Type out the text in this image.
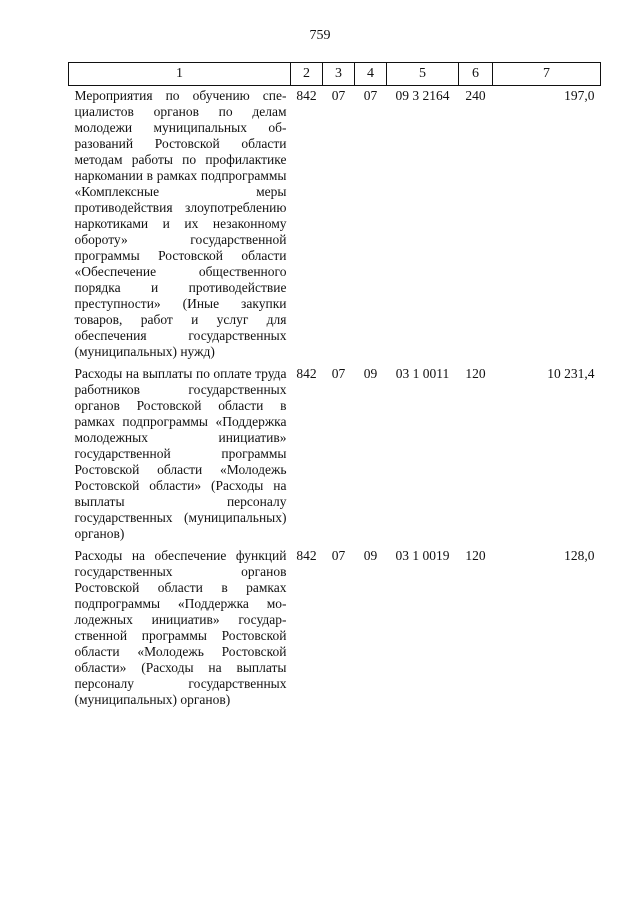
759
1	2	3	4	5	6	7
Мероприятия по обучению специалистов органов по делам молодежи муниципальных образований Ростовской области методам работы по профилактике наркомании в рамках подпрограммы «Комплексные меры противодействия злоупотреблению наркотиками и их незаконному обороту» государственной программы Ростовской области «Обеспечение общественного порядка и противодействие преступности» (Иные закупки товаров, работ и услуг для обеспечения государственных (муниципальных) нужд)	842	07	07	09 3 2164	240	197,0
Расходы на выплаты по оплате труда работников государственных органов Ростовской области в рамках подпрограммы «Поддержка молодежных инициатив» государственной программы Ростовской области «Молодежь Ростовской области» (Расходы на выплаты персоналу государственных (муниципальных) органов)	842	07	09	03 1 0011	120	10 231,4
Расходы на обеспечение функций государственных органов Ростовской области в рамках подпрограммы «Поддержка молодежных инициатив» государственной программы Ростовской области «Молодежь Ростовской области» (Расходы на выплаты персоналу государственных (муниципальных) органов)	842	07	09	03 1 0019	120	128,0
